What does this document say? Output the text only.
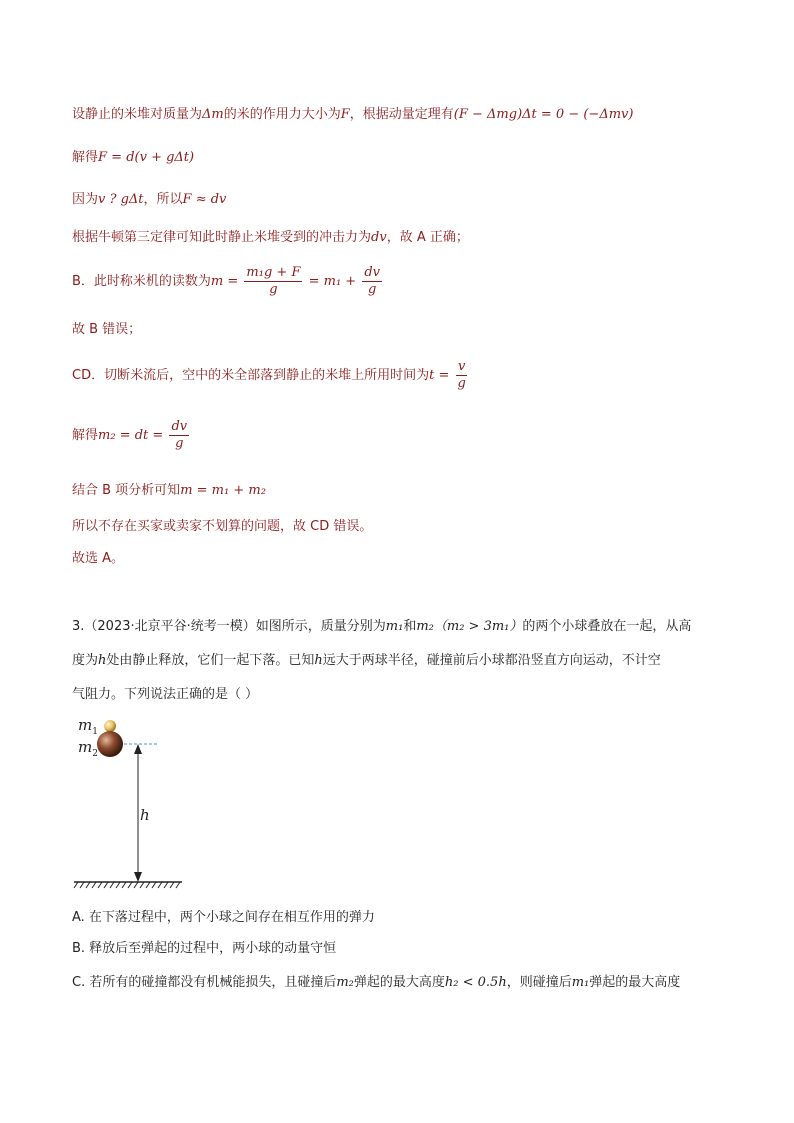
设静止的米堆对质量为Δm的米的作用力大小为F，根据动量定理有(F − Δmg)Δt = 0 − (−Δmv)
解得F = d(v + gΔt)
因为v ? gΔt，所以F ≈ dv
根据牛顿第三定律可知此时静止米堆受到的冲击力为dv，故 A 正确；
B．此时称米机的读数为$m = \frac{\text{m₁g + F}}{g} = m_1 + \frac{dv}{g}$
故 B 错误；
CD．切断米流后，空中的米全部落到静止的米堆上所用时间为$t = \frac{v}{g}$
解得m₂ = dt = $\frac{dv}{g}$
结合 B 项分析可知m = m₁ + m₂
所以不存在买家或卖家不划算的问题，故 CD 错误。
故选 A。
3.（2023·北京平谷·统考一模）如图所示，质量分别为m₁和m₂（m₂ > 3m₁）的两个小球叠放在一起，从高
度为h处由静止释放，它们一起下落。已知h远大于两球半径，碰撞前后小球都沿竖直方向运动，不计空
气阻力。下列说法正确的是（ ）
$m_1$
$m_2$
h
A. 在下落过程中，两个小球之间存在相互作用的弹力
B. 释放后至弹起的过程中，两小球的动量守恒
C. 若所有的碰撞都没有机械能损失，且碰撞后m₂弹起的最大高度h₂ < 0.5h，则碰撞后m₁弹起的最大高度
